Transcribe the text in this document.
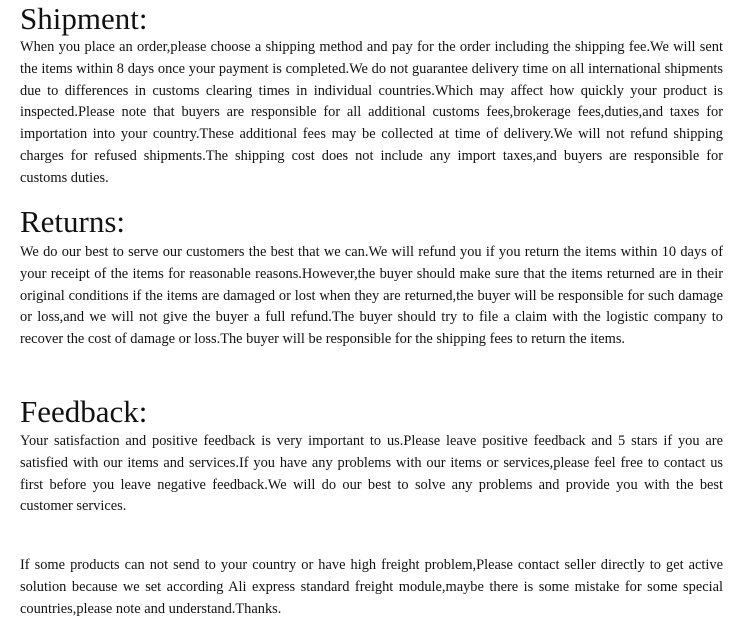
Shipment:

When you place an order,please choose a shipping method and pay for the order including the shipping fee.We will sent the items within 8 days once your payment is completed.We do not guarantee delivery time on all international shipments due to differences in customs clearing times in individual countries.Which may affect how quickly your product is inspected.Please note that buyers are responsible for all additional customs fees,brokerage fees,duties,and taxes for importation into your country.These additional fees may be collected at time of delivery.We will not refund shipping charges for refused shipments.The shipping cost does not include any import taxes,and buyers are responsible for customs duties.

Returns:

We do our best to serve our customers the best that we can.We will refund you if you return the items within 10 days of your receipt of the items for reasonable reasons.However,the buyer should make sure that the items returned are in their original conditions if the items are damaged or lost when they are returned,the buyer will be responsible for such damage or loss,and we will not give the buyer a full refund.The buyer should try to file a claim with the logistic company to recover the cost of damage or loss.The buyer will be responsible for the shipping fees to return the items.

Feedback:

Your satisfaction and positive feedback is very important to us.Please leave positive feedback and 5 stars if you are satisfied with our items and services.If you have any problems with our items or services,please feel free to contact us first before you leave negative feedback.We will do our best to solve any problems and provide you with the best customer services.

If some products can not send to your country or have high freight problem,Please contact seller directly to get active solution because we set according Ali express standard freight module,maybe there is some mistake for some special countries,please note and understand.Thanks.
